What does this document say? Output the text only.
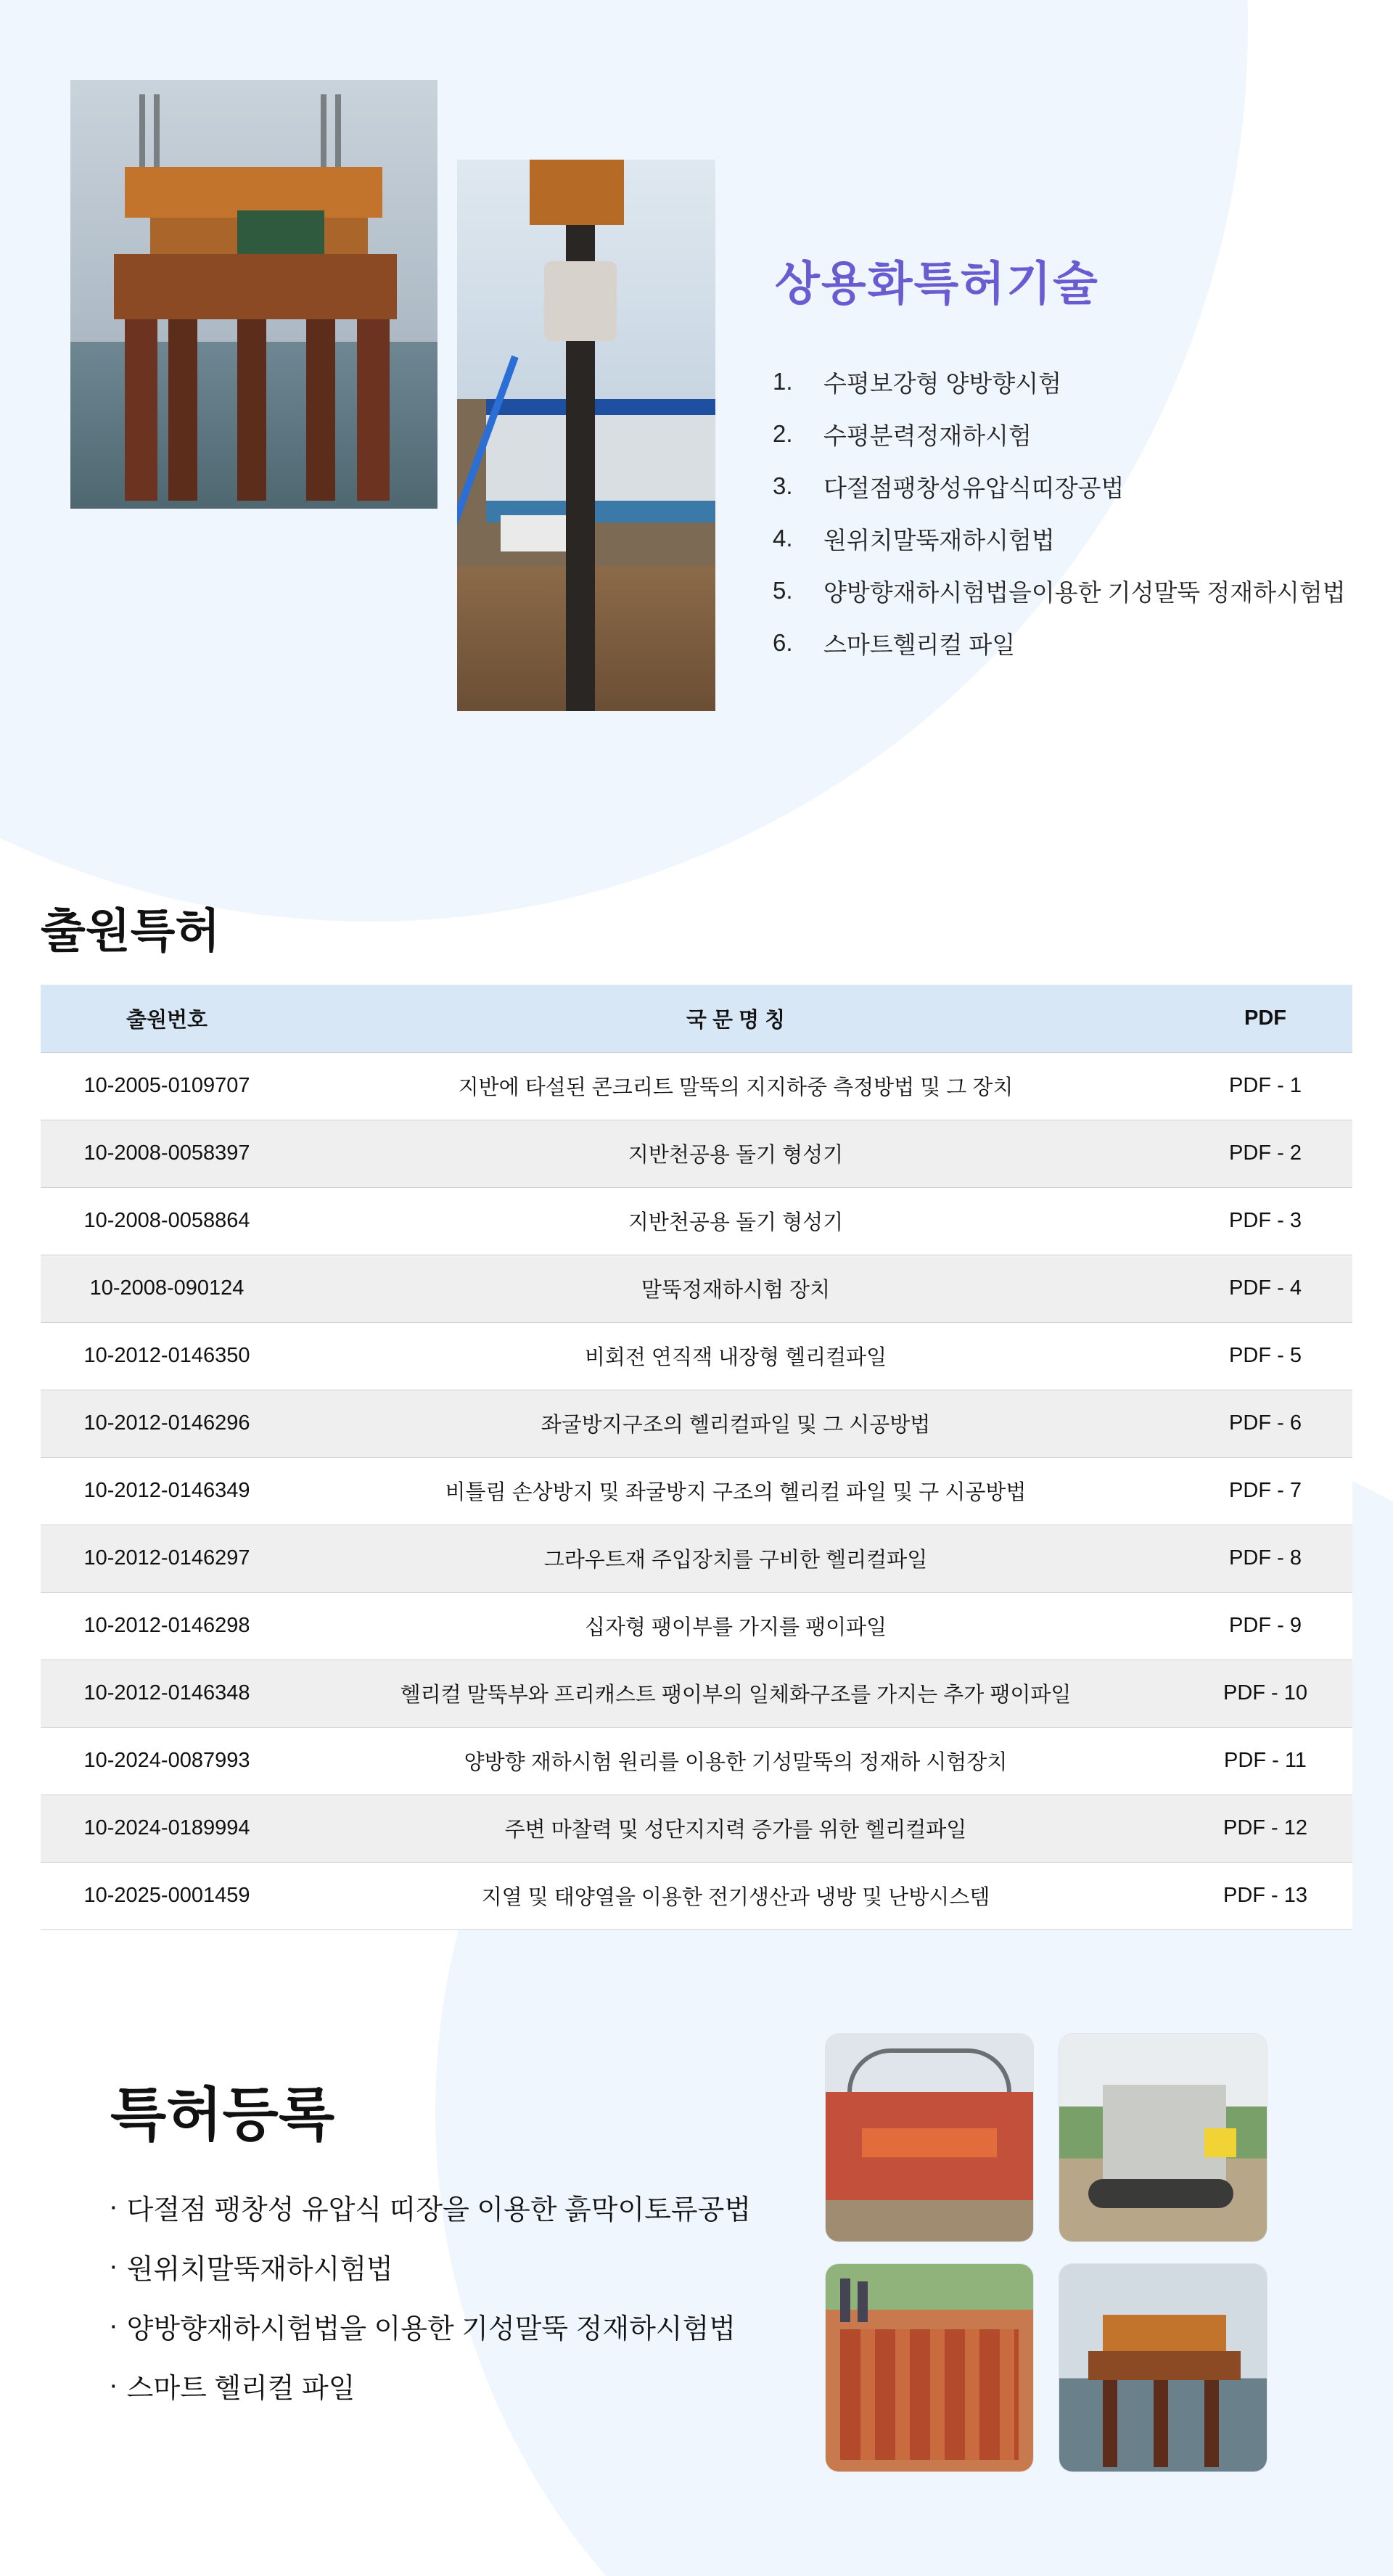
상용화특허기술
1.	수평보강형 양방향시험
2.	수평분력정재하시험
3.	다절점팽창성유압식띠장공법
4.	원위치말뚝재하시험법
5.	양방향재하시험법을이용한 기성말뚝 정재하시험법
6.	스마트헬리컬 파일
출원특허
출원번호	국 문 명 칭	PDF
10-2005-0109707	지반에 타설된 콘크리트 말뚝의 지지하중 측정방법 및 그 장치	PDF - 1
10-2008-0058397	지반천공용 돌기 형성기	PDF - 2
10-2008-0058864	지반천공용 돌기 형성기	PDF - 3
10-2008-090124	말뚝정재하시험 장치	PDF - 4
10-2012-0146350	비회전 연직잭 내장형 헬리컬파일	PDF - 5
10-2012-0146296	좌굴방지구조의 헬리컬파일 및 그 시공방법	PDF - 6
10-2012-0146349	비틀림 손상방지 및 좌굴방지 구조의 헬리컬 파일 및 구 시공방법	PDF - 7
10-2012-0146297	그라우트재 주입장치를 구비한 헬리컬파일	PDF - 8
10-2012-0146298	십자형 팽이부를 가지를 팽이파일	PDF - 9
10-2012-0146348	헬리컬 말뚝부와 프리캐스트 팽이부의 일체화구조를 가지는 추가 팽이파일	PDF - 10
10-2024-0087993	양방향 재하시험 원리를 이용한 기성말뚝의 정재하 시험장치	PDF - 11
10-2024-0189994	주변 마찰력 및 성단지지력 증가를 위한 헬리컬파일	PDF - 12
10-2025-0001459	지열 및 태양열을 이용한 전기생산과 냉방 및 난방시스템	PDF - 13
특허등록
· 다절점 팽창성 유압식 띠장을 이용한 흙막이토류공법
· 원위치말뚝재하시험법
· 양방향재하시험법을 이용한 기성말뚝 정재하시험법
· 스마트 헬리컬 파일
